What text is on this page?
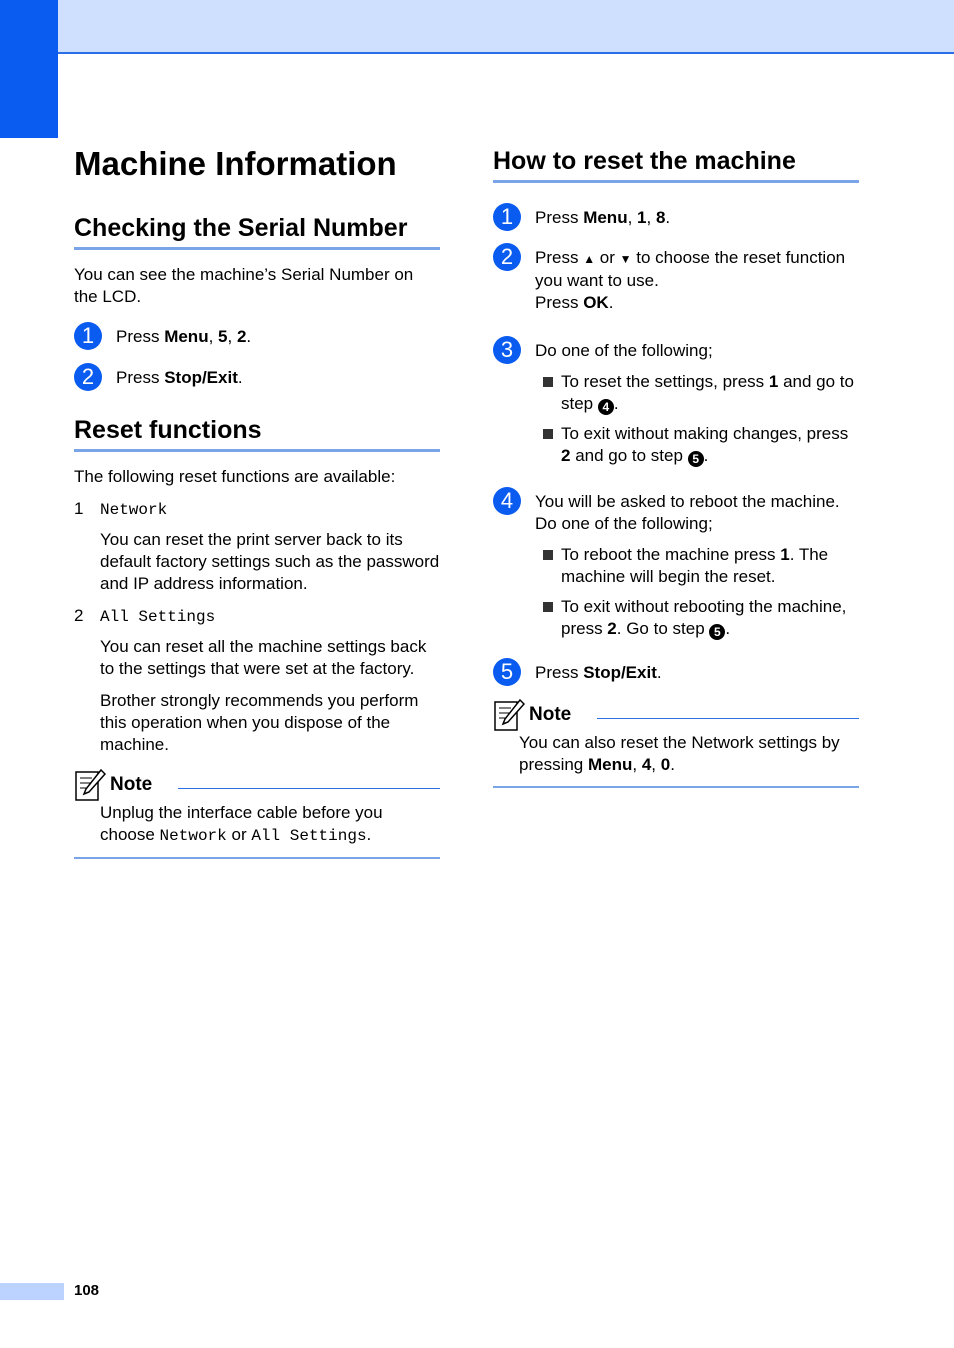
Machine Information
Checking the Serial Number

You can see the machine’s Serial Number on the LCD.

1	Press Menu, 5, 2.
2	Press Stop/Exit.
Reset functions

The following reset functions are available:

1 Network

You can reset the print server back to its default factory settings such as the password and IP address information.

2 All Settings

You can reset all the machine settings back to the settings that were set at the factory.

Brother strongly recommends you perform this operation when you dispose of the machine.

Note
Unplug the interface cable before you choose Network or All Settings.
How to reset the machine
1	Press Menu, 1, 8.
2	Press ▲ or ▼ to choose the reset function you want to use.
Press OK.
3	Do one of the following;
To reset the settings, press 1 and go to step 4 .
To exit without making changes, press 2 and go to step 5 .
4	You will be asked to reboot the machine. Do one of the following;
To reboot the machine press 1. The machine will begin the reset.
To exit without rebooting the machine, press 2. Go to step 5 .
5	Press Stop/Exit.
Note
You can also reset the Network settings by pressing Menu, 4, 0.
108
